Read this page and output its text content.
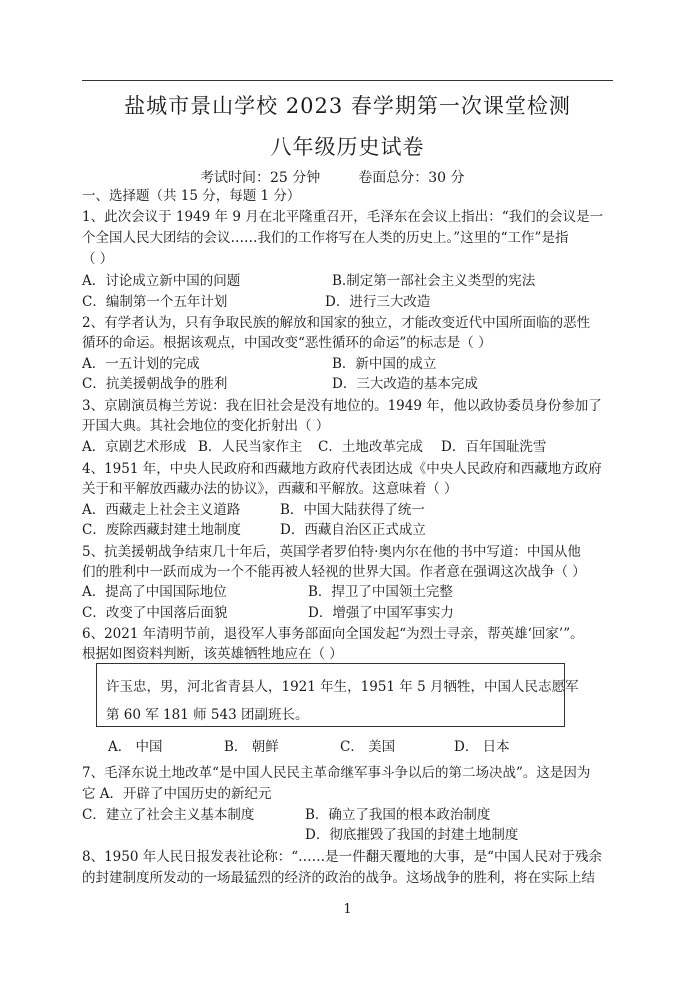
盐城市景山学校 2023 春学期第一次课堂检测
八年级历史试卷
考试时间：25 分钟	卷面总分：30 分
一、选择题（共 15 分，每题 1 分）
1、此次会议于 1949 年 9 月在北平隆重召开，毛泽东在会议上指出：“我们的会议是一
个全国人民大团结的会议……我们的工作将写在人类的历史上。”这里的“工作”是指
（ ）
A．讨论成立新中国的问题	B.制定第一部社会主义类型的宪法
C．编制第一个五年计划	D．进行三大改造
2、有学者认为，只有争取民族的解放和国家的独立，才能改变近代中国所面临的恶性
循环的命运。根据该观点，中国改变“恶性循环的命运”的标志是（ ）
A．一五计划的完成	B．新中国的成立
C．抗美援朝战争的胜利	D．三大改造的基本完成
3、京剧演员梅兰芳说：我在旧社会是没有地位的。1949 年，他以政协委员身份参加了
开国大典。其社会地位的变化折射出（ ）
A．京剧艺术形成 B．人民当家作主 C．土地改革完成 D．百年国耻洗雪
4、1951 年，中央人民政府和西藏地方政府代表团达成《中央人民政府和西藏地方政府
关于和平解放西藏办法的协议》，西藏和平解放。这意味着（ ）
A．西藏走上社会主义道路	B．中国大陆获得了统一
C．废除西藏封建土地制度	D．西藏自治区正式成立
5、抗美援朝战争结束几十年后，英国学者罗伯特·奥内尔在他的书中写道：中国从他
们的胜利中一跃而成为一个不能再被人轻视的世界大国。作者意在强调这次战争（ ）
A．提高了中国国际地位	B．捍卫了中国领土完整
C．改变了中国落后面貌	D．增强了中国军事实力
6、2021 年清明节前，退役军人事务部面向全国发起“为烈士寻亲，帮英雄‘回家’”。
根据如图资料判断，该英雄牺牲地应在（ ）
许玉忠，男，河北省青县人，1921 年生，1951 年 5 月牺牲，中国人民志愿军
第 60 军 181 师 543 团副班长。
A． 中国	B． 朝鲜	C． 美国	D． 日本
7、毛泽东说土地改革“是中国人民民主革命继军事斗争以后的第二场决战”。这是因为
它 A．开辟了中国历史的新纪元
C．建立了社会主义基本制度	B．确立了我国的根本政治制度
D．彻底摧毁了我国的封建土地制度
8、1950 年人民日报发表社论称：“……是一件翻天覆地的大事，是“中国人民对于残余
的封建制度所发动的一场最猛烈的经济的政治的战争。这场战争的胜利，将在实际上结
1
